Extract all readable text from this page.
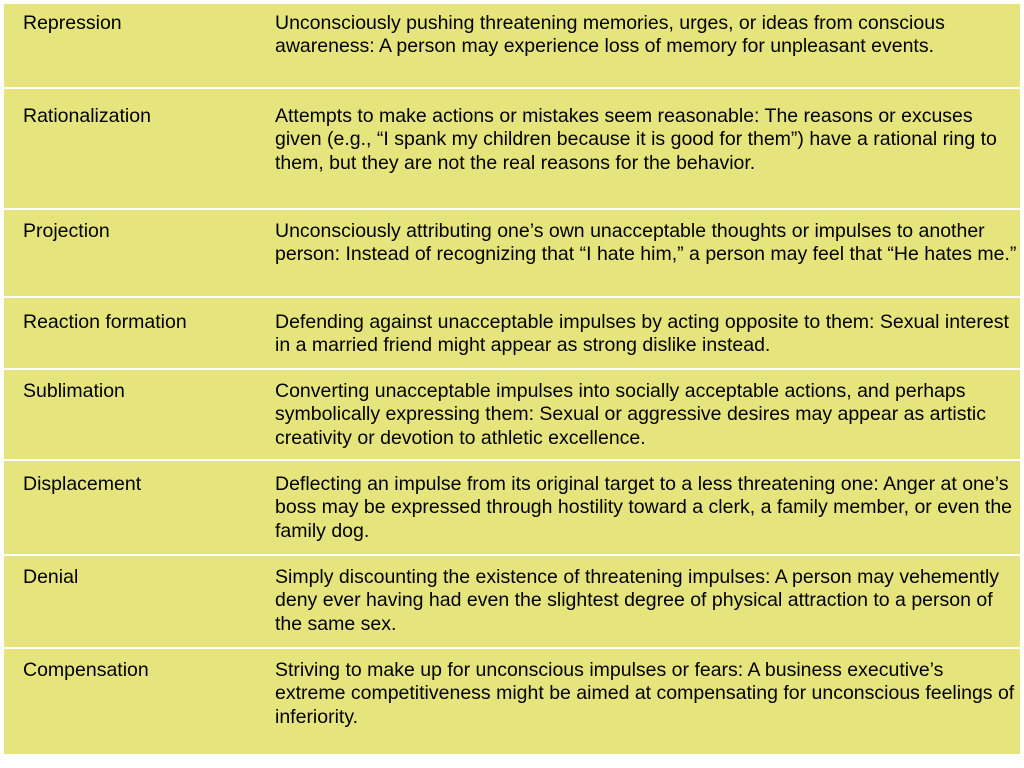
Repression	Unconsciously pushing threatening memories, urges, or ideas from conscious awareness: A person may experience loss of memory for unpleasant events.

Rationalization	Attempts to make actions or mistakes seem reasonable: The reasons or excuses given (e.g., “I spank my children because it is good for them”) have a rational ring to them, but they are not the real reasons for the behavior.

Projection	Unconsciously attributing one’s own unacceptable thoughts or impulses to another person: Instead of recognizing that “I hate him,” a person may feel that “He hates me.”

Reaction formation	Defending against unacceptable impulses by acting opposite to them: Sexual interest in a married friend might appear as strong dislike instead.

Sublimation	Converting unacceptable impulses into socially acceptable actions, and perhaps symbolically expressing them: Sexual or aggressive desires may appear as artistic creativity or devotion to athletic excellence.

Displacement	Deflecting an impulse from its original target to a less threatening one: Anger at one’s boss may be expressed through hostility toward a clerk, a family member, or even the family dog.

Denial	Simply discounting the existence of threatening impulses: A person may vehemently deny ever having had even the slightest degree of physical attraction to a person of the same sex.

Compensation	Striving to make up for unconscious impulses or fears: A business executive’s extreme competitiveness might be aimed at compensating for unconscious feelings of inferiority.
